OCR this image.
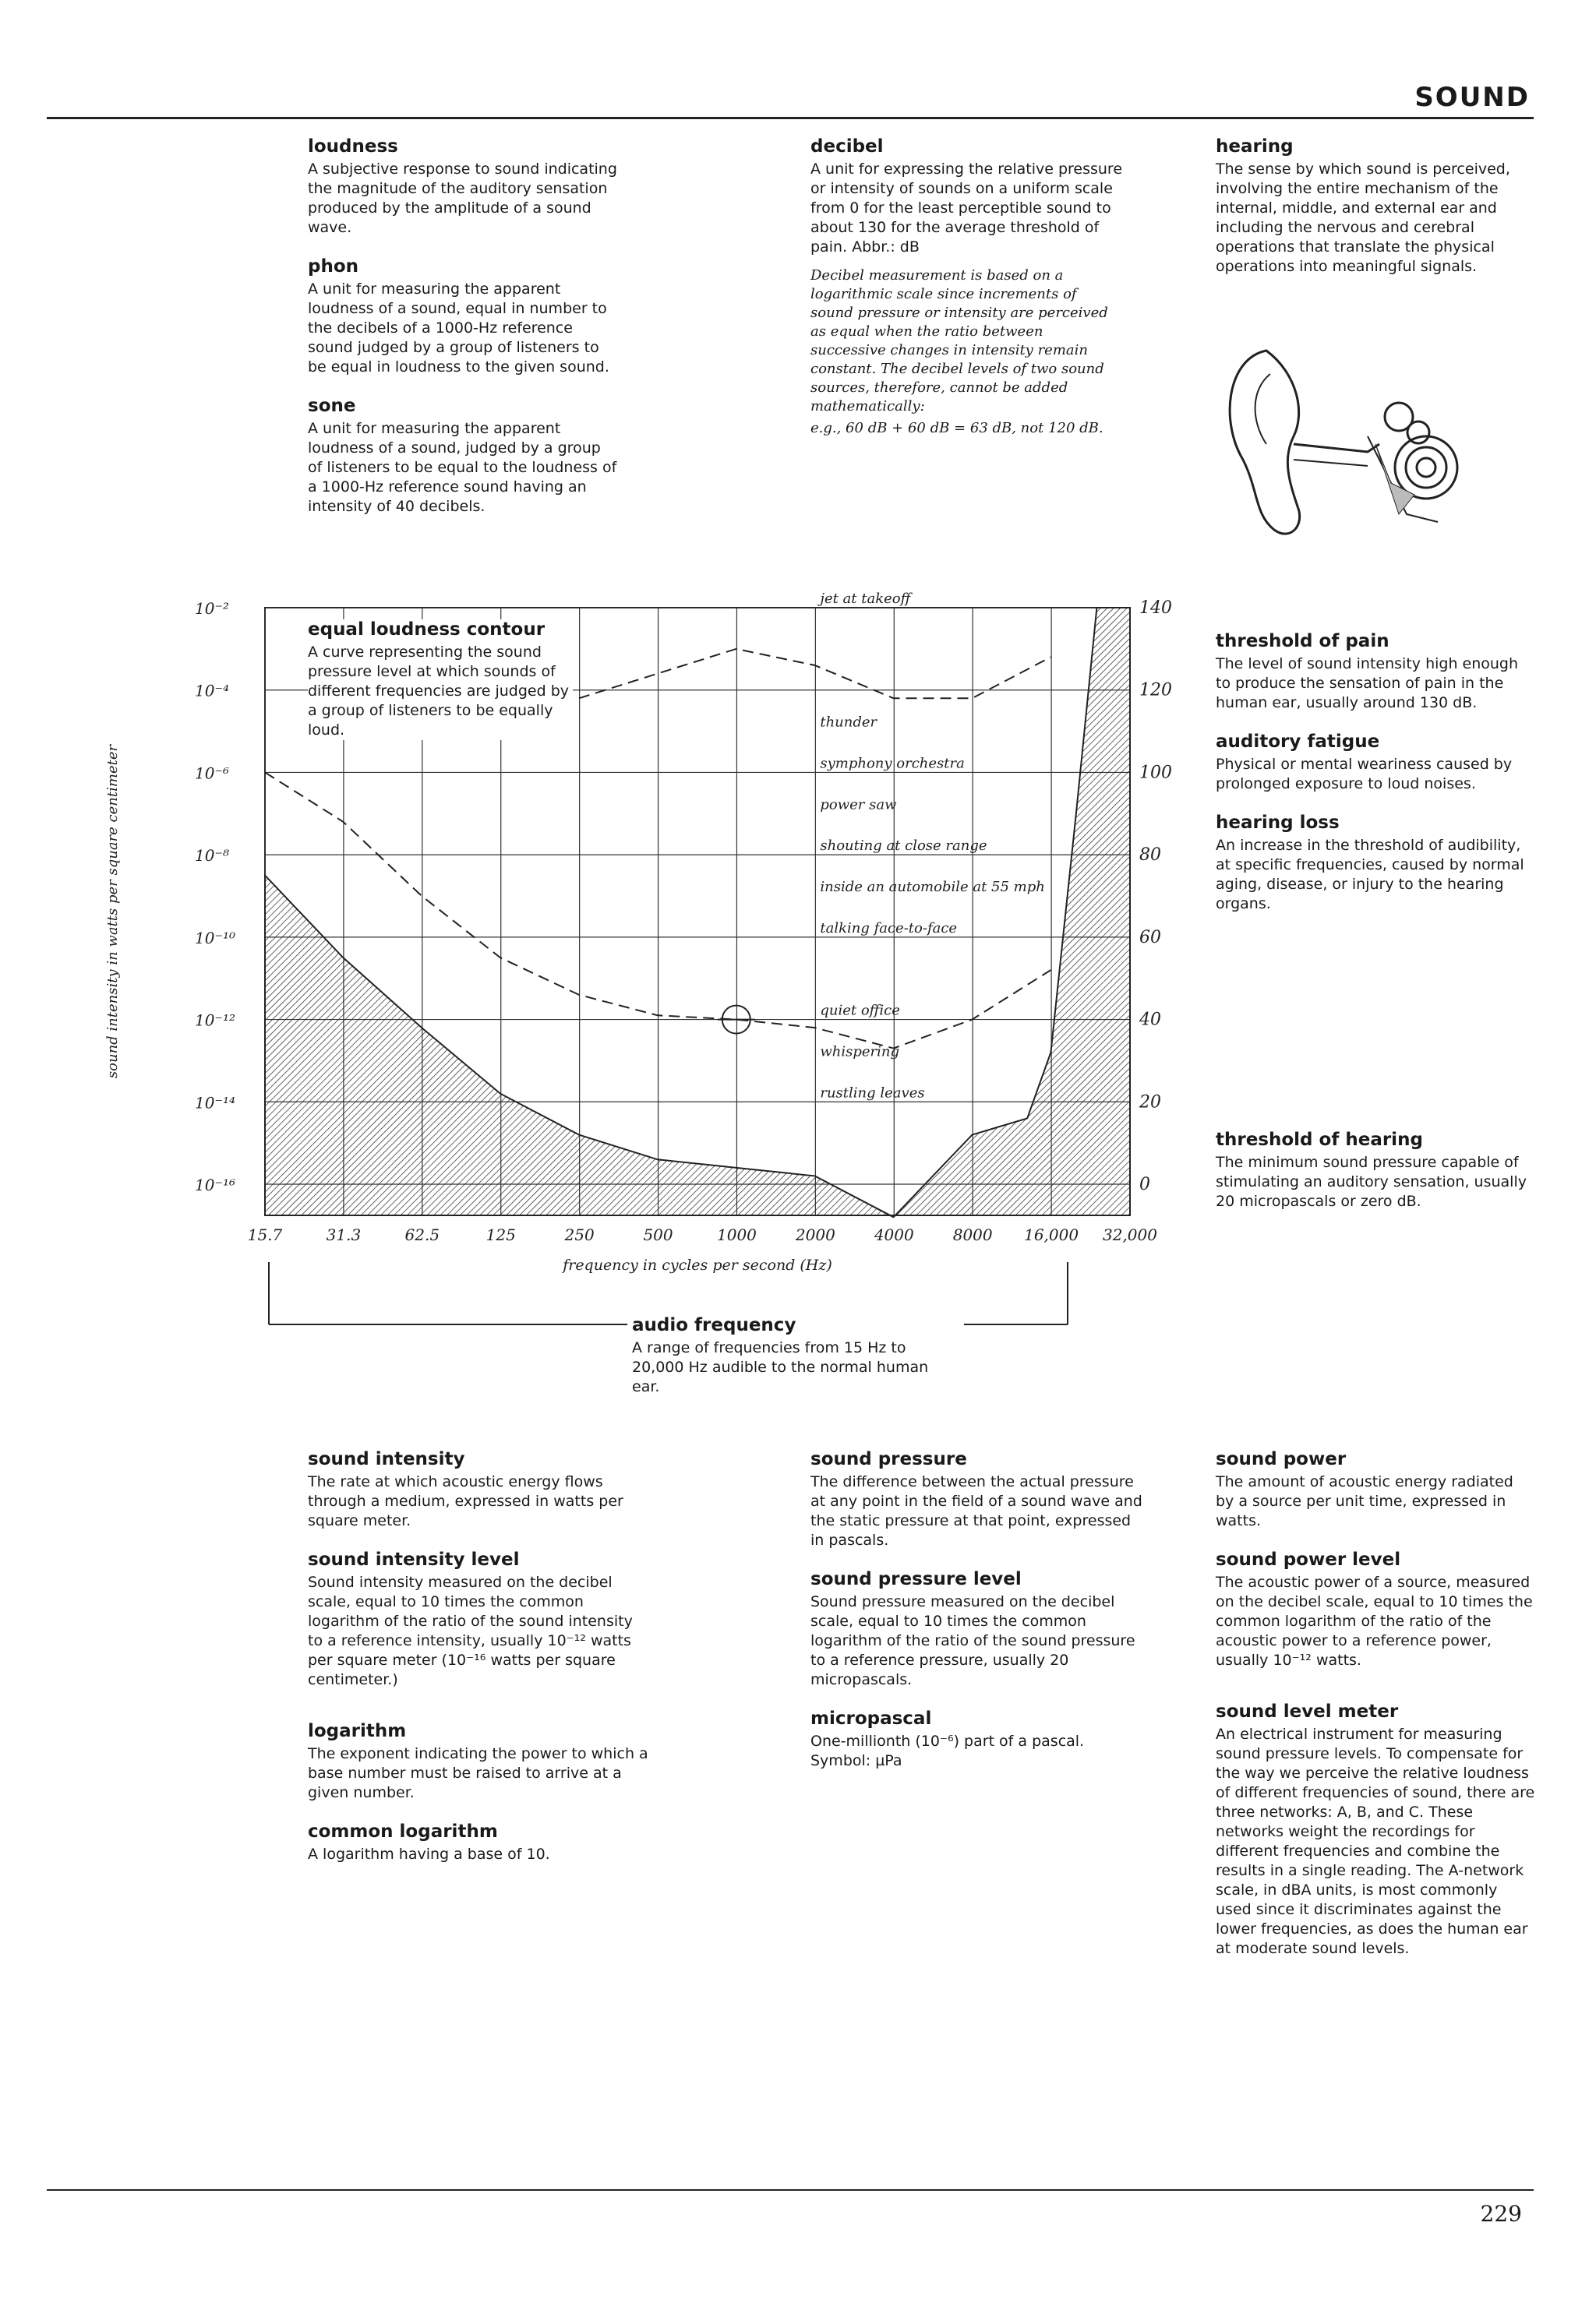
SOUND
loudness

A subjective response to sound indicating the magnitude of the auditory sensation produced by the amplitude of a sound wave.

phon

A unit for measuring the apparent loudness of a sound, equal in number to the decibels of a 1000-Hz reference sound judged by a group of listeners to be equal in loudness to the given sound.

sone

A unit for measuring the apparent loudness of a sound, judged by a group of listeners to be equal to the loudness of a 1000-Hz reference sound having an intensity of 40 decibels.

decibel

A unit for expressing the relative pressure or intensity of sounds on a uniform scale from 0 for the least perceptible sound to about 130 for the average threshold of pain. Abbr.: dB

Decibel measurement is based on a logarithmic scale since increments of sound pressure or intensity are perceived as equal when the ratio between successive changes in intensity remain constant. The decibel levels of two sound sources, therefore, cannot be added mathematically:

e.g., 60 dB + 60 dB = 63 dB, not 120 dB.

hearing

The sense by which sound is perceived, involving the entire mechanism of the internal, middle, and external ear and including the nervous and cerebral operations that translate the physical operations into meaningful signals.

threshold of pain

The level of sound intensity high enough to produce the sensation of pain in the human ear, usually around 130 dB.

auditory fatigue

Physical or mental weariness caused by prolonged exposure to loud noises.

hearing loss

An increase in the threshold of audibility, at specific frequencies, caused by normal aging, disease, or injury to the hearing organs.

threshold of hearing

The minimum sound pressure capable of stimulating an auditory sensation, usually 20 micropascals or zero dB.

15.7	31.3	62.5	125	250	500	1000	2000	4000	8000 16,000 32,000
140
120
100
80
60
40
20
0
10⁻²
10⁻⁴
10⁻⁶
10⁻⁸
10⁻¹⁰
10⁻¹²
10⁻¹⁴
10⁻¹⁶
sound intensity in watts per square centimeter
frequency in cycles per second (Hz)
jet at takeoff
thunder
symphony orchestra
power saw
shouting at close range
inside an automobile at 55 mph
talking face-to-face
quiet office
whispering
rustling leaves
equal loudness contour

A curve representing the sound pressure level at which sounds of different frequencies are judged by a group of listeners to be equally loud.

audio frequency

A range of frequencies from 15 Hz to 20,000 Hz audible to the normal human ear.

sound intensity

The rate at which acoustic energy flows through a medium, expressed in watts per square meter.

sound intensity level

Sound intensity measured on the decibel scale, equal to 10 times the common logarithm of the ratio of the sound intensity to a reference intensity, usually 10⁻¹² watts per square meter (10⁻¹⁶ watts per square centimeter.)

logarithm

The exponent indicating the power to which a base number must be raised to arrive at a given number.

common logarithm

A logarithm having a base of 10.

sound pressure

The difference between the actual pressure at any point in the field of a sound wave and the static pressure at that point, expressed in pascals.

sound pressure level

Sound pressure measured on the decibel scale, equal to 10 times the common logarithm of the ratio of the sound pressure to a reference pressure, usually 20 micropascals.

micropascal

One-millionth (10⁻⁶) part of a pascal. Symbol: µPa

sound power

The amount of acoustic energy radiated by a source per unit time, expressed in watts.

sound power level

The acoustic power of a source, measured on the decibel scale, equal to 10 times the common logarithm of the ratio of the acoustic power to a reference power, usually 10⁻¹² watts.

sound level meter

An electrical instrument for measuring sound pressure levels. To compensate for the way we perceive the relative loudness of different frequencies of sound, there are three networks: A, B, and C. These networks weight the recordings for different frequencies and combine the results in a single reading. The A-network scale, in dBA units, is most commonly used since it discriminates against the lower frequencies, as does the human ear at moderate sound levels.

229
